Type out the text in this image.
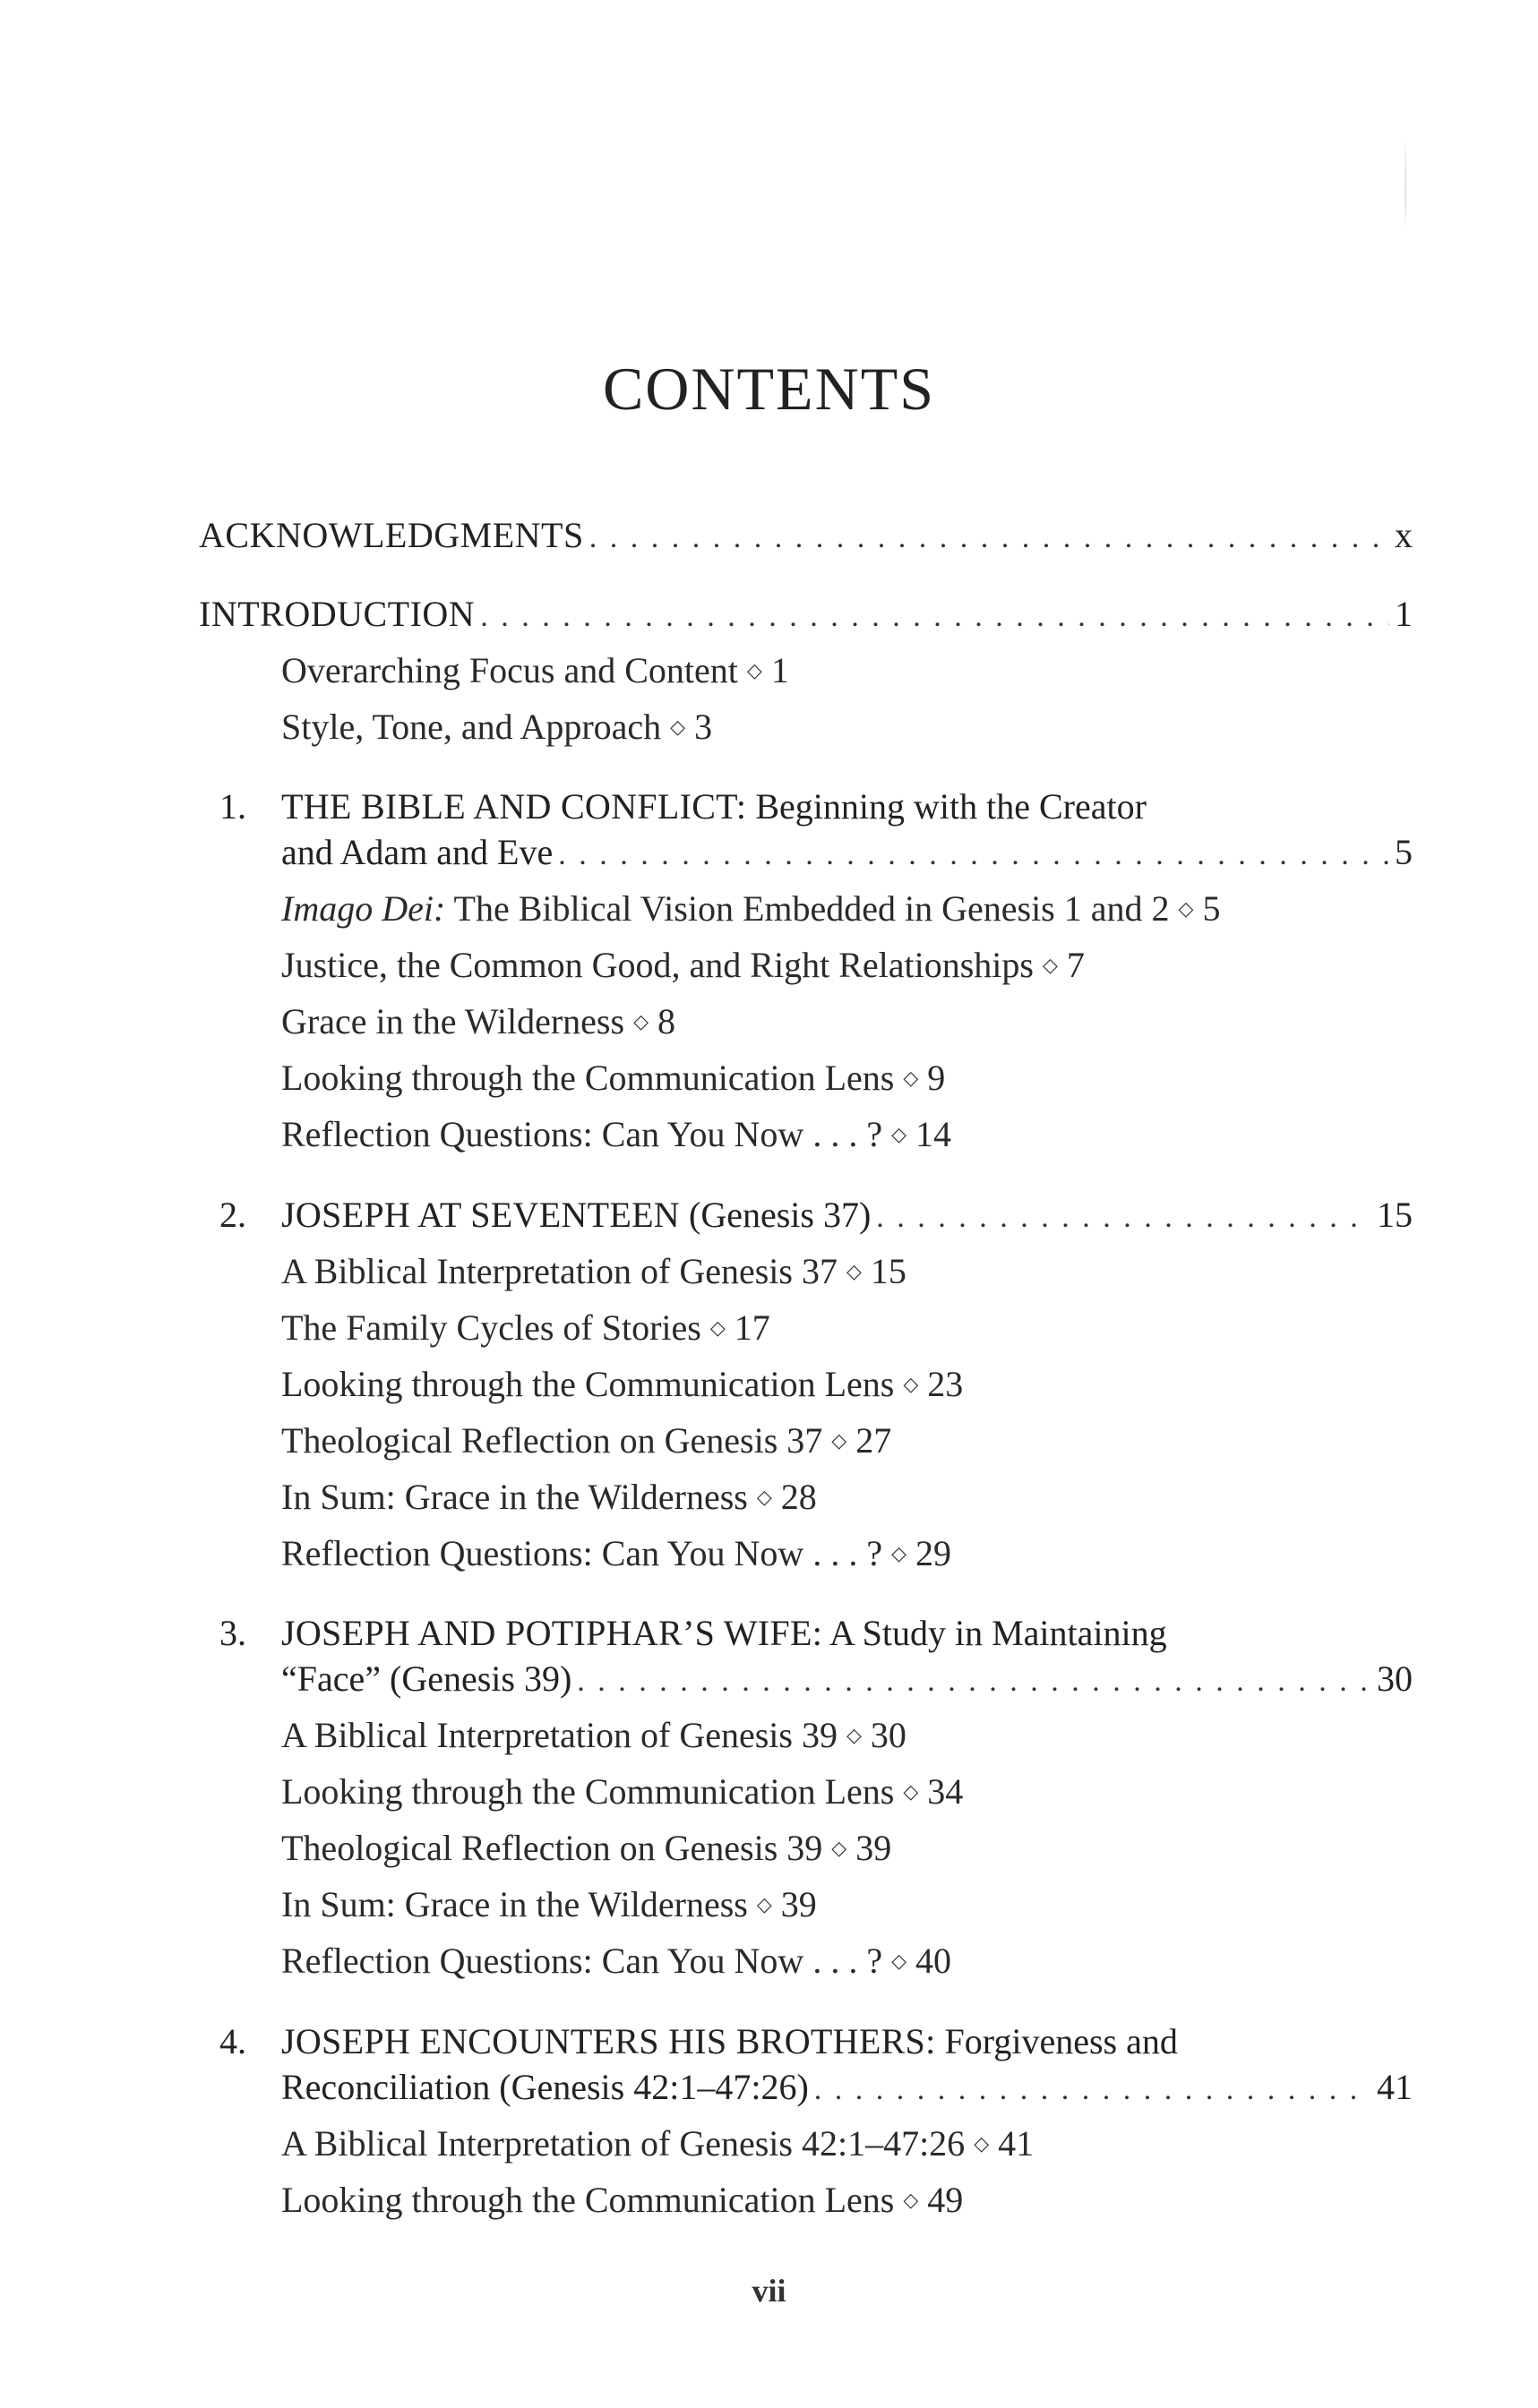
CONTENTS
ACKNOWLEDGMENTS . . .	x
INTRODUCTION . . .	1
Overarching Focus and Content ◇ 1
Style, Tone, and Approach ◇ 3
1. THE BIBLE AND CONFLICT: Beginning with the Creator
and Adam and Eve . . .	5
Imago Dei: The Biblical Vision Embedded in Genesis 1 and 2 ◇ 5
Justice, the Common Good, and Right Relationships ◇ 7
Grace in the Wilderness ◇ 8
Looking through the Communication Lens ◇ 9
Reflection Questions: Can You Now . . . ? ◇ 14
2. JOSEPH AT SEVENTEEN (Genesis 37) . . .	15
A Biblical Interpretation of Genesis 37 ◇ 15
The Family Cycles of Stories ◇ 17
Looking through the Communication Lens ◇ 23
Theological Reflection on Genesis 37 ◇ 27
In Sum: Grace in the Wilderness ◇ 28
Reflection Questions: Can You Now . . . ? ◇ 29
3. JOSEPH AND POTIPHAR’S WIFE: A Study in Maintaining
“Face” (Genesis 39) . . .	30
A Biblical Interpretation of Genesis 39 ◇ 30
Looking through the Communication Lens ◇ 34
Theological Reflection on Genesis 39 ◇ 39
In Sum: Grace in the Wilderness ◇ 39
Reflection Questions: Can You Now . . . ? ◇ 40
4. JOSEPH ENCOUNTERS HIS BROTHERS: Forgiveness and
Reconciliation (Genesis 42:1–47:26) . . .	41
A Biblical Interpretation of Genesis 42:1–47:26 ◇ 41
Looking through the Communication Lens ◇ 49
vii
